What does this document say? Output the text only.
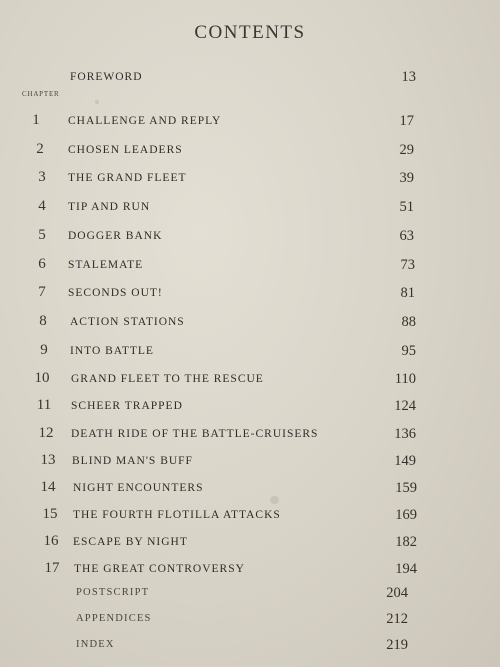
CONTENTS
CHAPTER
FOREWORD	13
1	CHALLENGE AND REPLY	17
2	CHOSEN LEADERS	29
3	THE GRAND FLEET	39
4	TIP AND RUN	51
5	DOGGER BANK	63
6	STALEMATE	73
7	SECONDS OUT!	81
8	ACTION STATIONS	88
9	INTO BATTLE	95
10	GRAND FLEET TO THE RESCUE	110
11	SCHEER TRAPPED	124
12	DEATH RIDE OF THE BATTLE-CRUISERS	136
13	BLIND MAN'S BUFF	149
14	NIGHT ENCOUNTERS	159
15	THE FOURTH FLOTILLA ATTACKS	169
16	ESCAPE BY NIGHT	182
17	THE GREAT CONTROVERSY	194
POSTSCRIPT	204
APPENDICES	212
INDEX	219
